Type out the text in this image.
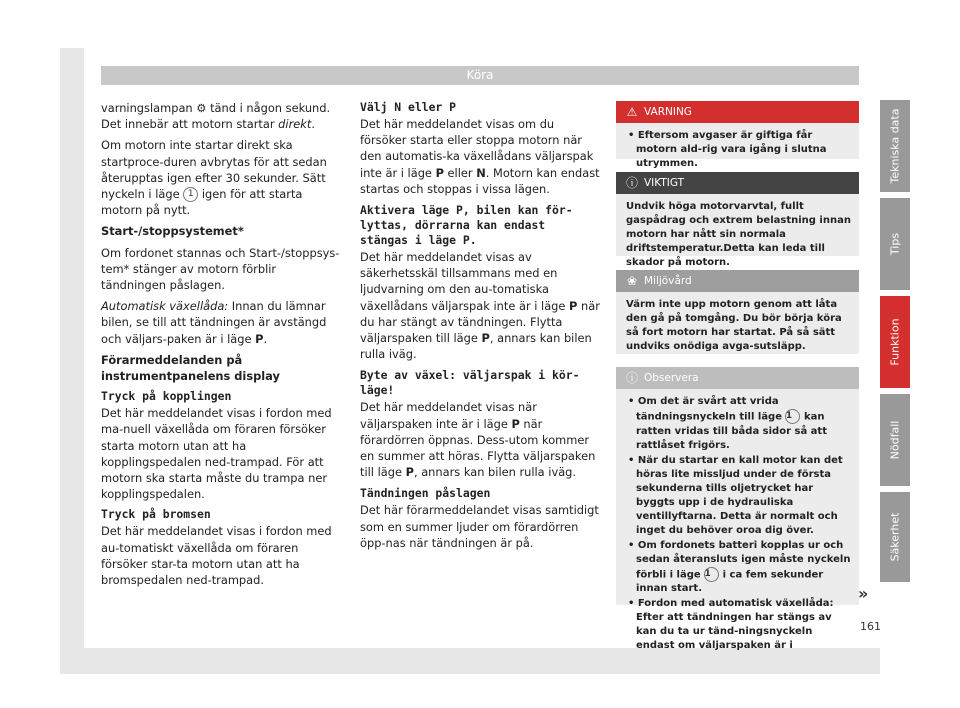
Köra

varningslampan ⚙ tänd i någon sekund. Det innebär att motorn startar direkt.

Om motorn inte startar direkt ska startproce-duren avbrytas för att sedan återupptas igen efter 30 sekunder. Sätt nyckeln i läge 1 igen för att starta motorn på nytt.

Start-/stoppsystemet*

Om fordonet stannas och Start-/stoppsys-tem* stänger av motorn förblir tändningen påslagen.

Automatisk växellåda: Innan du lämnar bilen, se till att tändningen är avstängd och väljars-paken är i läge P.

Förarmeddelanden på instrumentpanelens display

Tryck på kopplingen

Det här meddelandet visas i fordon med ma-nuell växellåda om föraren försöker starta motorn utan att ha kopplingspedalen ned-trampad. För att motorn ska starta måste du trampa ner kopplingspedalen.

Tryck på bromsen

Det här meddelandet visas i fordon med au-tomatiskt växellåda om föraren försöker star-ta motorn utan att ha bromspedalen ned-trampad.

Välj N eller P

Det här meddelandet visas om du försöker starta eller stoppa motorn när den automatis-ka växellådans väljarspak inte är i läge P eller N. Motorn kan endast startas och stoppas i vissa lägen.

Aktivera läge P, bilen kan för-lyttas, dörrarna kan endast stängas i läge P.

Det här meddelandet visas av säkerhetsskäl tillsammans med en ljudvarning om den au-tomatiska växellådans väljarspak inte är i läge P när du har stängt av tändningen. Flytta väljarspaken till läge P, annars kan bilen rulla iväg.

Byte av växel: väljarspak i kör-läge!

Det här meddelandet visas när väljarspaken inte är i läge P när förardörren öppnas. Dess-utom kommer en summer att höras. Flytta väljarspaken till läge P, annars kan bilen rulla iväg.

Tändningen påslagen

Det här förarmeddelandet visas samtidigt som en summer ljuder om förardörren öpp-nas när tändningen är på.

⚠ VARNING
• Eftersom avgaser är giftiga får motorn ald-rig vara igång i slutna utrymmen.
ⓘ VIKTIGT
Undvik höga motorvarvtal, fullt gaspådrag och extrem belastning innan motorn har nått sin normala driftstemperatur.Detta kan leda till skador på motorn.
❀ Miljövård
Värm inte upp motorn genom att låta den gå på tomgång. Du bör börja köra så fort motorn har startat. På så sätt undviks onödiga avga-sutsläpp.
ⓘ Observera
• Om det är svårt att vrida tändningsnyckeln till läge 1 kan ratten vridas till båda sidor så att rattlåset frigörs.
• När du startar en kall motor kan det höras lite missljud under de första sekunderna tills oljetrycket har byggts upp i de hydrauliska ventillyftarna. Detta är normalt och inget du behöver oroa dig över.
• Om fordonets batteri kopplas ur och sedan återansluts igen måste nyckeln förbli i läge 1 i ca fem sekunder innan start.
• Fordon med automatisk växellåda: Efter att tändningen har stängs av kan du ta ur tänd-ningsnyckeln endast om väljarspaken är i
Tekniska data
Tips
Funktion
Nödfall
Säkerhet
»
161
